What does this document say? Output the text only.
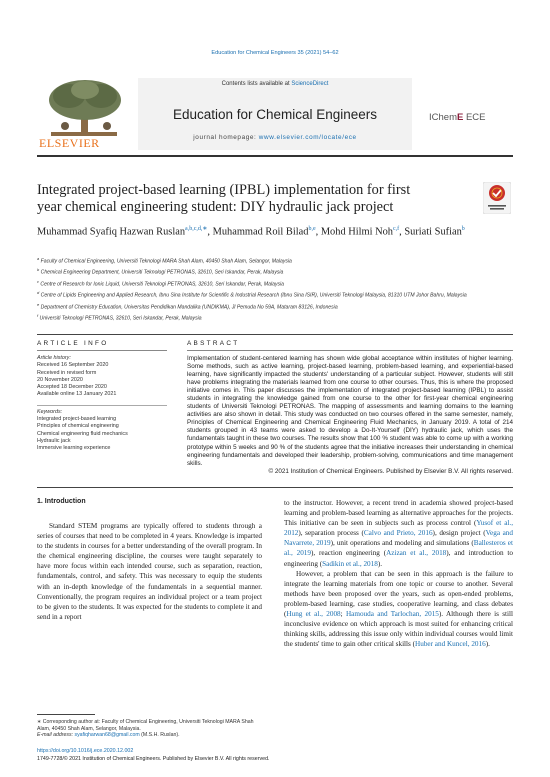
Education for Chemical Engineers 35 (2021) 54–62
ELSEVIER
Contents lists available at ScienceDirect
Education for Chemical Engineers
journal homepage: www.elsevier.com/locate/ece
IChemE ECE
Integrated project-based learning (IPBL) implementation for first year chemical engineering student: DIY hydraulic jack project
Muhammad Syafiq Hazwan Ruslan$^{a,b,c,d,∗}$, Muhammad Roil Bilad$^{b,e}$, Mohd Hilmi Noh$^{c,f}$, Suriati Sufian$^b$
$^a$ Faculty of Chemical Engineering, Universiti Teknologi MARA Shah Alam, 40450 Shah Alam, Selangor, Malaysia
$^b$ Chemical Engineering Department, Universiti Teknologi PETRONAS, 32610, Seri Iskandar, Perak, Malaysia
$^c$ Centre of Research for Ionic Liquid, Universiti Teknologi PETRONAS, 32610, Seri Iskandar, Perak, Malaysia
$^d$ Centre of Lipids Engineering and Applied Research, Ibnu Sina Institute for Scientific & Industrial Research (Ibnu Sina ISIR), Universiti Teknologi Malaysia, 81310 UTM Johor Bahru, Malaysia
$^e$ Department of Chemistry Education, Universitas Pendidikan Mandalika (UNDIKMA), Jl Pemuda No 59A, Mataram 83126, Indonesia
$^f$ Universiti Teknologi PETRONAS, 32610, Seri Iskandar, Perak, Malaysia
ARTICLE INFO	ABSTRACT
Article history:
Received 16 September 2020
Received in revised form
20 November 2020
Accepted 18 December 2020
Available online 13 January 2021
Keywords:
Integrated project-based learning
Principles of chemical engineering
Chemical engineering fluid mechanics
Hydraulic jack
Immersive learning experience
Implementation of student-centered learning has shown wide global acceptance within institutes of higher learning. Some methods, such as active learning, project-based learning, problem-based learning, and experiential-based learning, have significantly impacted the students' understanding of a particular subject. However, students will still have problems integrating the materials learned from one course to other courses. Thus, this is where the proposed initiative comes in. This paper discusses the implementation of integrated project-based learning (IPBL) to assist students in integrating the knowledge gained from one course to the other for first-year chemical engineering students of Universiti Teknologi PETRONAS. The mapping of assessments and learning domains to the learning activities are also shown in detail. This study was conducted on two courses offered in the same semester, namely, Principles of Chemical Engineering and Chemical Engineering Fluid Mechanics, in January 2019. A total of 214 students grouped in 43 teams were asked to develop a Do-It-Yourself (DIY) hydraulic jack, which uses the fundamentals taught in these two courses. The results show that 100 % student was able to come up with a working prototype within 5 weeks and 90 % of the students agree that the initiative increases their understanding in chemical engineering fundamentals and developed their leadership, problem-solving, communications and time management skills.
© 2021 Institution of Chemical Engineers. Published by Elsevier B.V. All rights reserved.
1. Introduction
Standard STEM programs are typically offered to students through a series of courses that need to be completed in 4 years. Knowledge is imparted to the students in courses for a better understanding of the overall program. In the chemical engineering discipline, the courses were taught separately to have more focus within each intended course, such as separation, reaction, fundamentals, control, and safety. This was necessary to equip the students with an in-depth knowledge of the fundamentals in a sequential manner. Conventionally, the program requires an individual project or a team project to be given to the students. It was expected for the students to complete it and send in a report
to the instructor. However, a recent trend in academia showed project-based learning and problem-based learning as alternative approaches for the projects. This initiative can be seen in subjects such as process control (Yusof et al., 2012), separation process (Calvo and Prieto, 2016), design project (Vega and Navarrete, 2019), unit operations and modeling and simulations (Ballesteros et al., 2019), reaction engineering (Azizan et al., 2018), and introduction to engineering (Sadikin et al., 2018).
However, a problem that can be seen in this approach is the failure to integrate the learning materials from one topic or course to another. Several methods have been proposed over the years, such as open-ended problems, problem-based learning, case studies, cooperative learning, and class debates (Hung et al., 2008; Hamouda and Tarlochan, 2015). Although there is still inconclusive evidence on which approach is most suited for enhancing critical thinking skills, addressing this issue only within individual courses would limit the students' time to gain other critical skills (Huber and Kuncel, 2016).
∗ Corresponding author at: Faculty of Chemical Engineering, Universiti Teknologi MARA Shah Alam, 40450 Shah Alam, Selangor, Malaysia.
E-mail address: syafiqharwan68@gmail.com (M.S.H. Ruslan).
https://doi.org/10.1016/j.ece.2020.12.002
1749-7728/© 2021 Institution of Chemical Engineers. Published by Elsevier B.V. All rights reserved.
